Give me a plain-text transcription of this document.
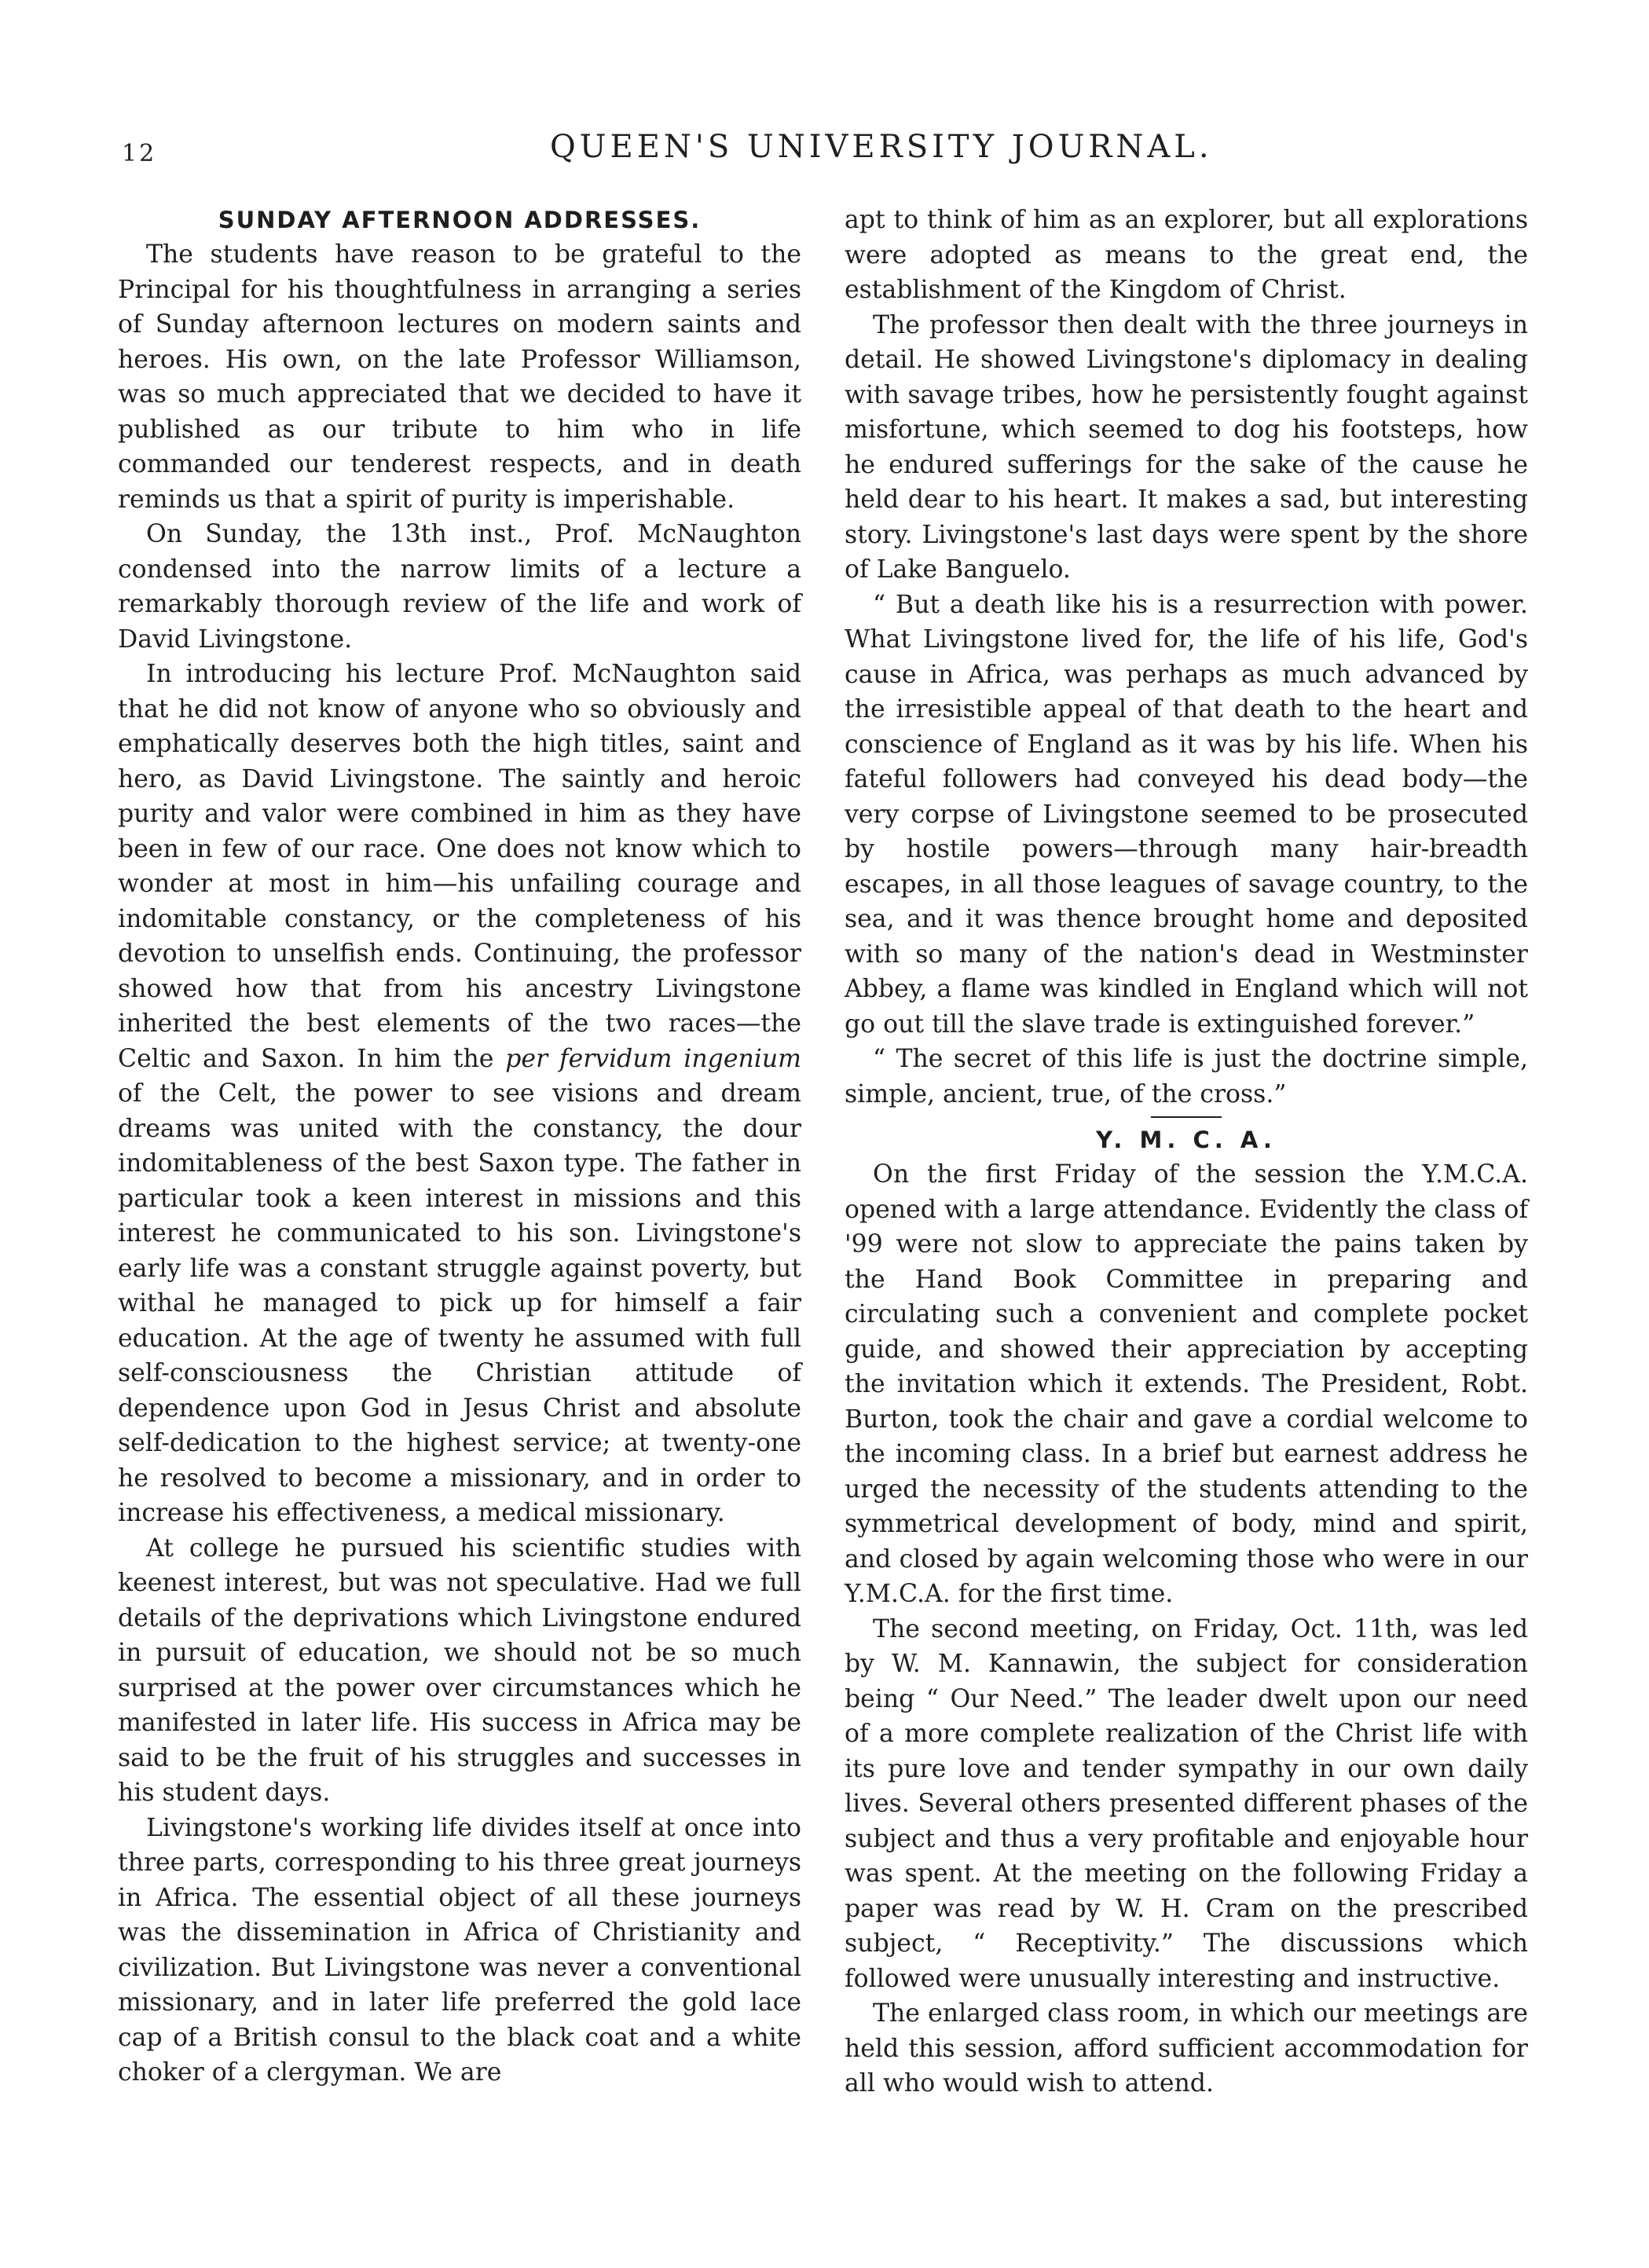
12	QUEEN'S UNIVERSITY JOURNAL.
SUNDAY AFTERNOON ADDRESSES.

The students have reason to be grateful to the Principal for his thoughtfulness in arranging a series of Sunday afternoon lectures on modern saints and heroes. His own, on the late Professor Williamson, was so much appreciated that we decided to have it published as our tribute to him who in life commanded our tenderest respects, and in death reminds us that a spirit of purity is imperishable.

On Sunday, the 13th inst., Prof. McNaughton condensed into the narrow limits of a lecture a remarkably thorough review of the life and work of David Livingstone.

In introducing his lecture Prof. McNaughton said that he did not know of anyone who so obviously and emphatically deserves both the high titles, saint and hero, as David Livingstone. The saintly and heroic purity and valor were combined in him as they have been in few of our race. One does not know which to wonder at most in him—his unfailing courage and indomitable constancy, or the completeness of his devotion to unselfish ends. Continuing, the professor showed how that from his ancestry Livingstone inherited the best elements of the two races—the Celtic and Saxon. In him the per fervidum ingenium of the Celt, the power to see visions and dream dreams was united with the constancy, the dour indomitableness of the best Saxon type. The father in particular took a keen interest in missions and this interest he communicated to his son. Livingstone's early life was a constant struggle against poverty, but withal he managed to pick up for himself a fair education. At the age of twenty he assumed with full self-consciousness the Christian attitude of dependence upon God in Jesus Christ and absolute self-dedication to the highest service; at twenty-one he resolved to become a missionary, and in order to increase his effectiveness, a medical missionary.

At college he pursued his scientific studies with keenest interest, but was not speculative. Had we full details of the deprivations which Livingstone endured in pursuit of education, we should not be so much surprised at the power over circumstances which he manifested in later life. His success in Africa may be said to be the fruit of his struggles and successes in his student days.

Livingstone's working life divides itself at once into three parts, corresponding to his three great journeys in Africa. The essential object of all these journeys was the dissemination in Africa of Christianity and civilization. But Livingstone was never a conventional missionary, and in later life preferred the gold lace cap of a British consul to the black coat and a white choker of a clergyman. We are

apt to think of him as an explorer, but all explorations were adopted as means to the great end, the establishment of the Kingdom of Christ.

The professor then dealt with the three journeys in detail. He showed Livingstone's diplomacy in dealing with savage tribes, how he persistently fought against misfortune, which seemed to dog his footsteps, how he endured sufferings for the sake of the cause he held dear to his heart. It makes a sad, but interesting story. Livingstone's last days were spent by the shore of Lake Banguelo.

“ But a death like his is a resurrection with power. What Livingstone lived for, the life of his life, God's cause in Africa, was perhaps as much advanced by the irresistible appeal of that death to the heart and conscience of England as it was by his life. When his fateful followers had conveyed his dead body—the very corpse of Livingstone seemed to be prosecuted by hostile powers—through many hair-breadth escapes, in all those leagues of savage country, to the sea, and it was thence brought home and deposited with so many of the nation's dead in Westminster Abbey, a flame was kindled in England which will not go out till the slave trade is extinguished forever.”

“ The secret of this life is just the doctrine simple, simple, ancient, true, of the cross.”

Y. M. C. A.

On the first Friday of the session the Y.M.C.A. opened with a large attendance. Evidently the class of '99 were not slow to appreciate the pains taken by the Hand Book Committee in preparing and circulating such a convenient and complete pocket guide, and showed their appreciation by accepting the invitation which it extends. The President, Robt. Burton, took the chair and gave a cordial welcome to the incoming class. In a brief but earnest address he urged the necessity of the students attending to the symmetrical development of body, mind and spirit, and closed by again welcoming those who were in our Y.M.C.A. for the first time.

The second meeting, on Friday, Oct. 11th, was led by W. M. Kannawin, the subject for consideration being “ Our Need.” The leader dwelt upon our need of a more complete realization of the Christ life with its pure love and tender sympathy in our own daily lives. Several others presented different phases of the subject and thus a very profitable and enjoyable hour was spent. At the meeting on the following Friday a paper was read by W. H. Cram on the prescribed subject, “ Receptivity.” The discussions which followed were unusually interesting and instructive.

The enlarged class room, in which our meetings are held this session, afford sufficient accommodation for all who would wish to attend.
